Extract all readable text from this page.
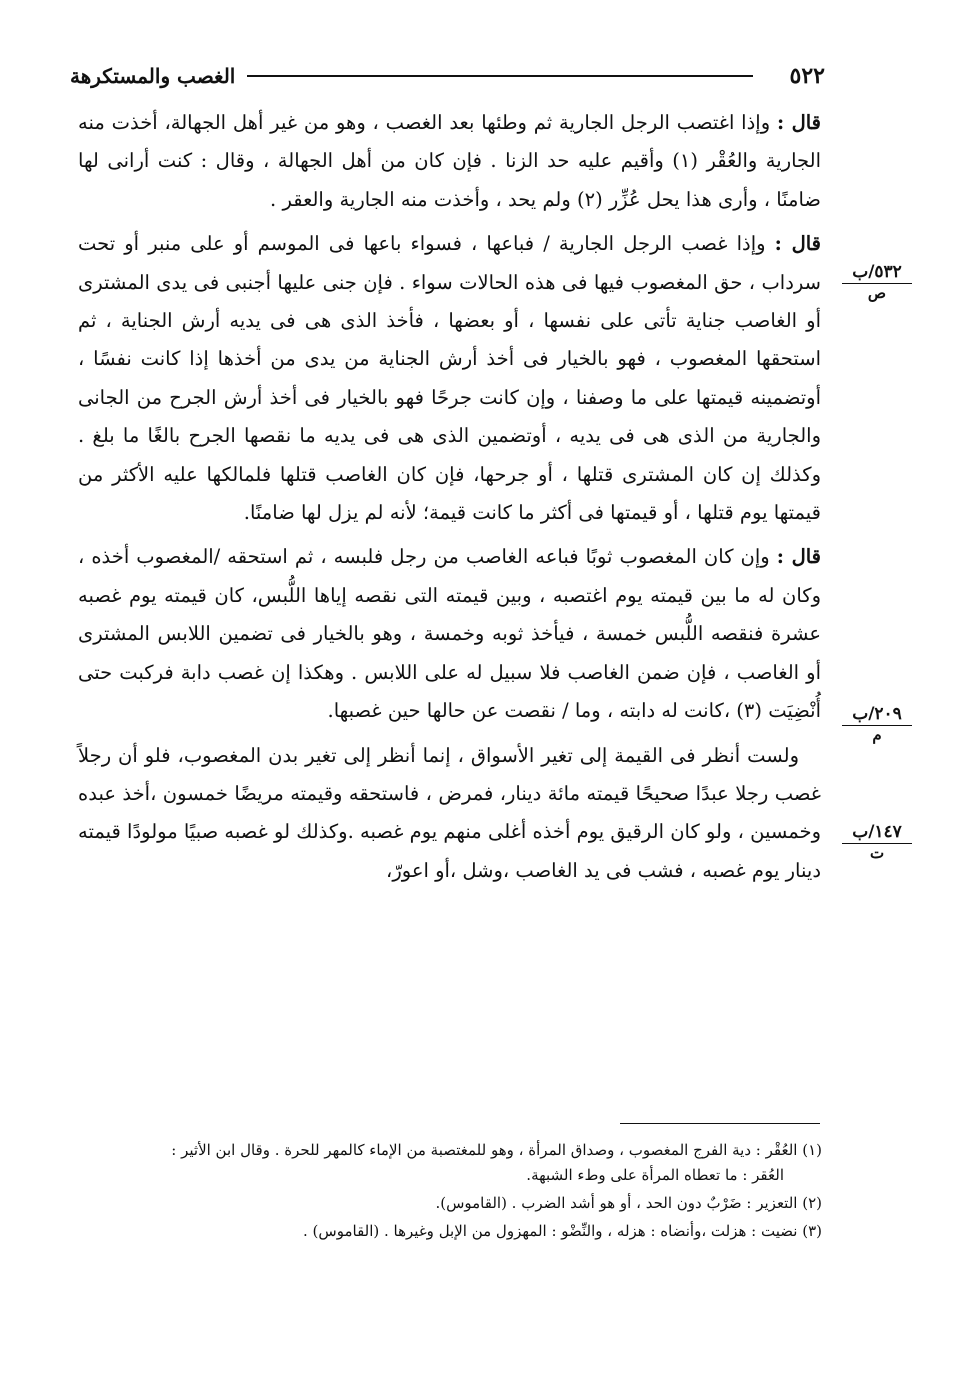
٥٢٢
الغصب والمستكرهة
٥٣٢/ب
ص
٢٠٩/ب
م
١٤٧/ب
ت

قال : وإذا اغتصب الرجل الجارية ثم وطئها بعد الغصب ، وهو من غير أهل الجهالة، أخذت منه الجارية والعُقْر (١) وأقيم عليه حد الزنا . فإن كان من أهل الجهالة ، وقال : كنت أرانى لها ضامنًا ، وأرى هذا يحل عُزِّر (٢) ولم يحد ، وأخذت منه الجارية والعقر .

قال : وإذا غصب الرجل الجارية / فباعها ، فسواء باعها فى الموسم أو على منبر أو تحت سرداب ، حق المغصوب فيها فى هذه الحالات سواء . فإن جنى عليها أجنبى فى يدى المشترى أو الغاصب جناية تأتى على نفسها ، أو بعضها ، فأخذ الذى هى فى يديه أرش الجناية ، ثم استحقها المغصوب ، فهو بالخيار فى أخذ أرش الجناية من يدى من أخذها إذا كانت نفسًا ، أوتضمينه قيمتها على ما وصفنا ، وإن كانت جرحًا فهو بالخيار فى أخذ أرش الجرح من الجانى والجارية من الذى هى فى يديه ، أوتضمين الذى هى فى يديه ما نقصها الجرح بالغًا ما بلغ . وكذلك إن كان المشترى قتلها ، أو جرحها، فإن كان الغاصب قتلها فلمالكها عليه الأكثر من قيمتها يوم قتلها ، أو قيمتها فى أكثر ما كانت قيمة؛ لأنه لم يزل لها ضامنًا.

قال : وإن كان المغصوب ثوبًا فباعه الغاصب من رجل فلبسه ، ثم استحقه /المغصوب أخذه ، وكان له ما بين قيمته يوم اغتصبه ، وبين قيمته التى نقصه إياها اللُّبس، كان قيمته يوم غصبه عشرة فنقصه اللُّبس خمسة ، فيأخذ ثوبه وخمسة ، وهو بالخيار فى تضمين اللابس المشترى أو الغاصب ، فإن ضمن الغاصب فلا سبيل له على اللابس . وهكذا إن غصب دابة فركبت حتى أُنْضِيَت (٣) ،كانت له دابته ، وما / نقصت عن حالها حين غصبها.

ولست أنظر فى القيمة إلى تغير الأسواق ، إنما أنظر إلى تغير بدن المغصوب، فلو أن رجلاً غصب رجلا عبدًا صحيحًا قيمته مائة دينار، فمرض ، فاستحقه وقيمته مريضًا خمسون ،أخذ عبده وخمسين ، ولو كان الرقيق يوم أخذه أغلى منهم يوم غصبه .وكذلك لو غصبه صبيًا مولودًا قيمته دينار يوم غصبه ، فشب فى يد الغاصب ،وشل ،أو اعورّ،

(١) العُقْر : دية الفرج المغصوب ، وصداق المرأة ، وهو للمغتصبة من الإماء كالمهر للحرة . وقال ابن الأثير :
العُقر : ما تعطاه المرأة على وطء الشبهة.

(٢) التعزير : ضَرْبٌ دون الحد ، أو هو أشد الضرب . (القاموس).

(٣) نضيت : هزلت ،وأنضاه : هزله ، والنِّضْو : المهزول من الإبل وغيرها . (القاموس) .
